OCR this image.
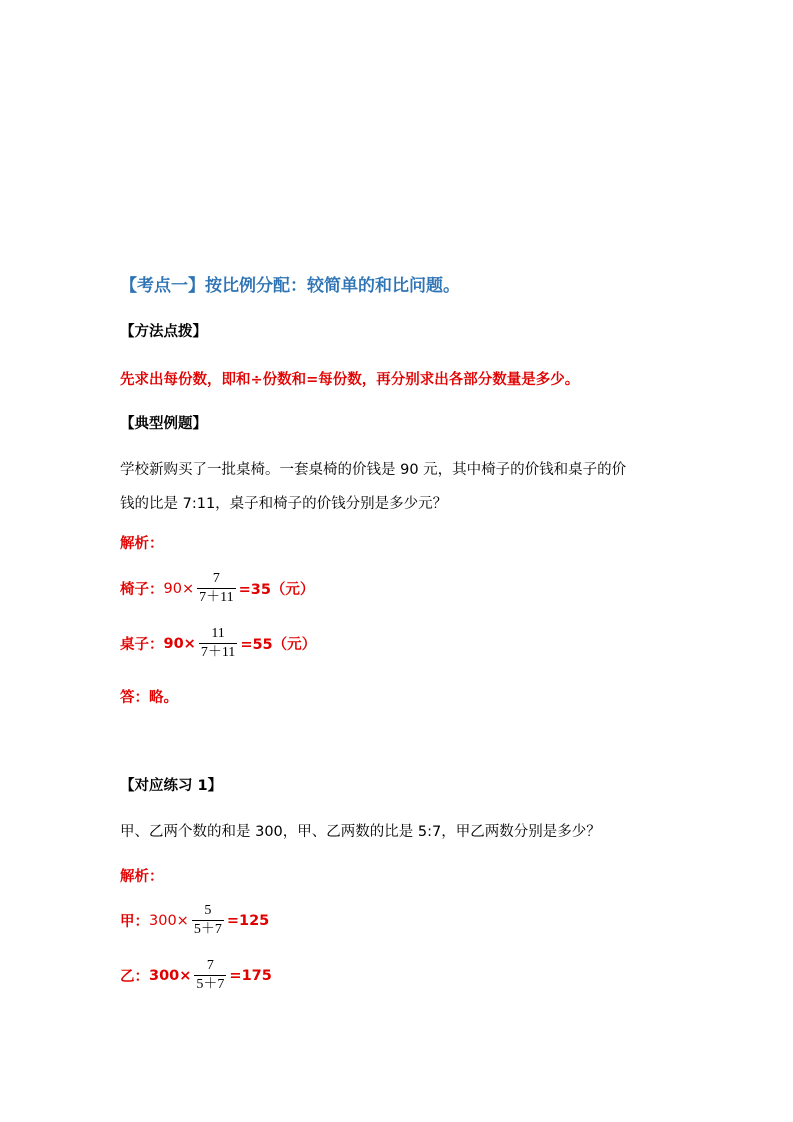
【考点一】按比例分配：较简单的和比问题。
【方法点拨】
先求出每份数，即和÷份数和=每份数，再分别求出各部分数量是多少。
【典型例题】
学校新购买了一批桌椅。一套桌椅的价钱是 90 元，其中椅子的价钱和桌子的价
钱的比是 7:11，桌子和椅子的价钱分别是多少元？
解析：
椅子： $90\times \frac{7}{7+11} =35$（元）
桌子： $90\times \frac{11}{7+11} =55$（元）
答：略。
【对应练习 1】
甲、乙两个数的和是 300，甲、乙两数的比是 5:7，甲乙两数分别是多少？
解析：
甲： $300\times \frac{5}{5+7} =125$
乙： $300\times \frac{7}{5+7} =175$
